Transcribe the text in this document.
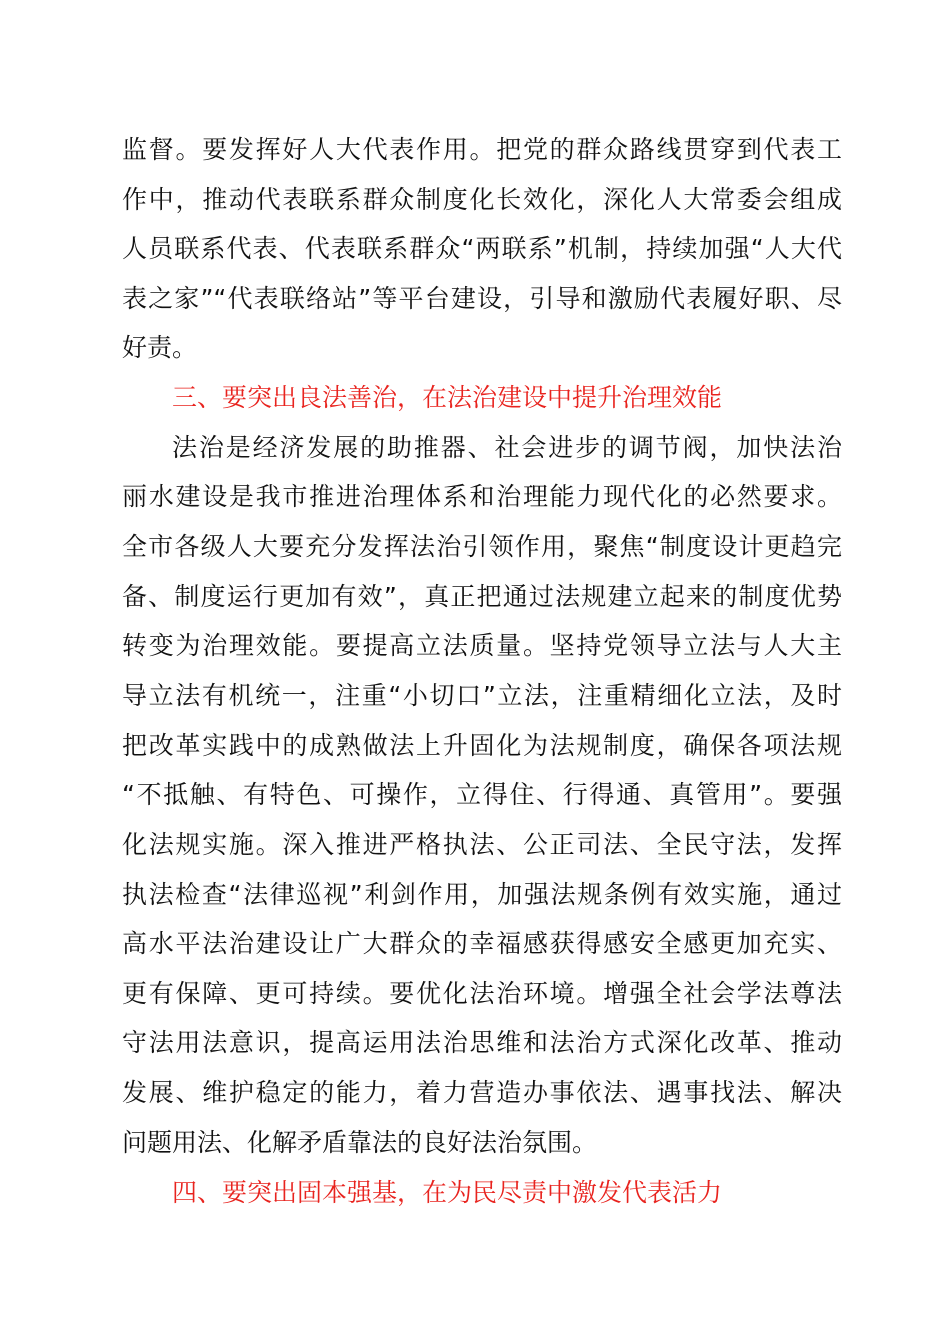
监督。要发挥好人大代表作用。把党的群众路线贯穿到代表工
作中，推动代表联系群众制度化长效化，深化人大常委会组成
人员联系代表、代表联系群众“两联系”机制，持续加强“人大代
表之家”“代表联络站”等平台建设，引导和激励代表履好职、尽
好责。
三、要突出良法善治，在法治建设中提升治理效能
法治是经济发展的助推器、社会进步的调节阀，加快法治
丽水建设是我市推进治理体系和治理能力现代化的必然要求。
全市各级人大要充分发挥法治引领作用，聚焦“制度设计更趋完
备、制度运行更加有效”，真正把通过法规建立起来的制度优势
转变为治理效能。要提高立法质量。坚持党领导立法与人大主
导立法有机统一，注重“小切口”立法，注重精细化立法，及时
把改革实践中的成熟做法上升固化为法规制度，确保各项法规
“不抵触、有特色、可操作，立得住、行得通、真管用”。要强
化法规实施。深入推进严格执法、公正司法、全民守法，发挥
执法检查“法律巡视”利剑作用，加强法规条例有效实施，通过
高水平法治建设让广大群众的幸福感获得感安全感更加充实、
更有保障、更可持续。要优化法治环境。增强全社会学法尊法
守法用法意识，提高运用法治思维和法治方式深化改革、推动
发展、维护稳定的能力，着力营造办事依法、遇事找法、解决
问题用法、化解矛盾靠法的良好法治氛围。
四、要突出固本强基，在为民尽责中激发代表活力
